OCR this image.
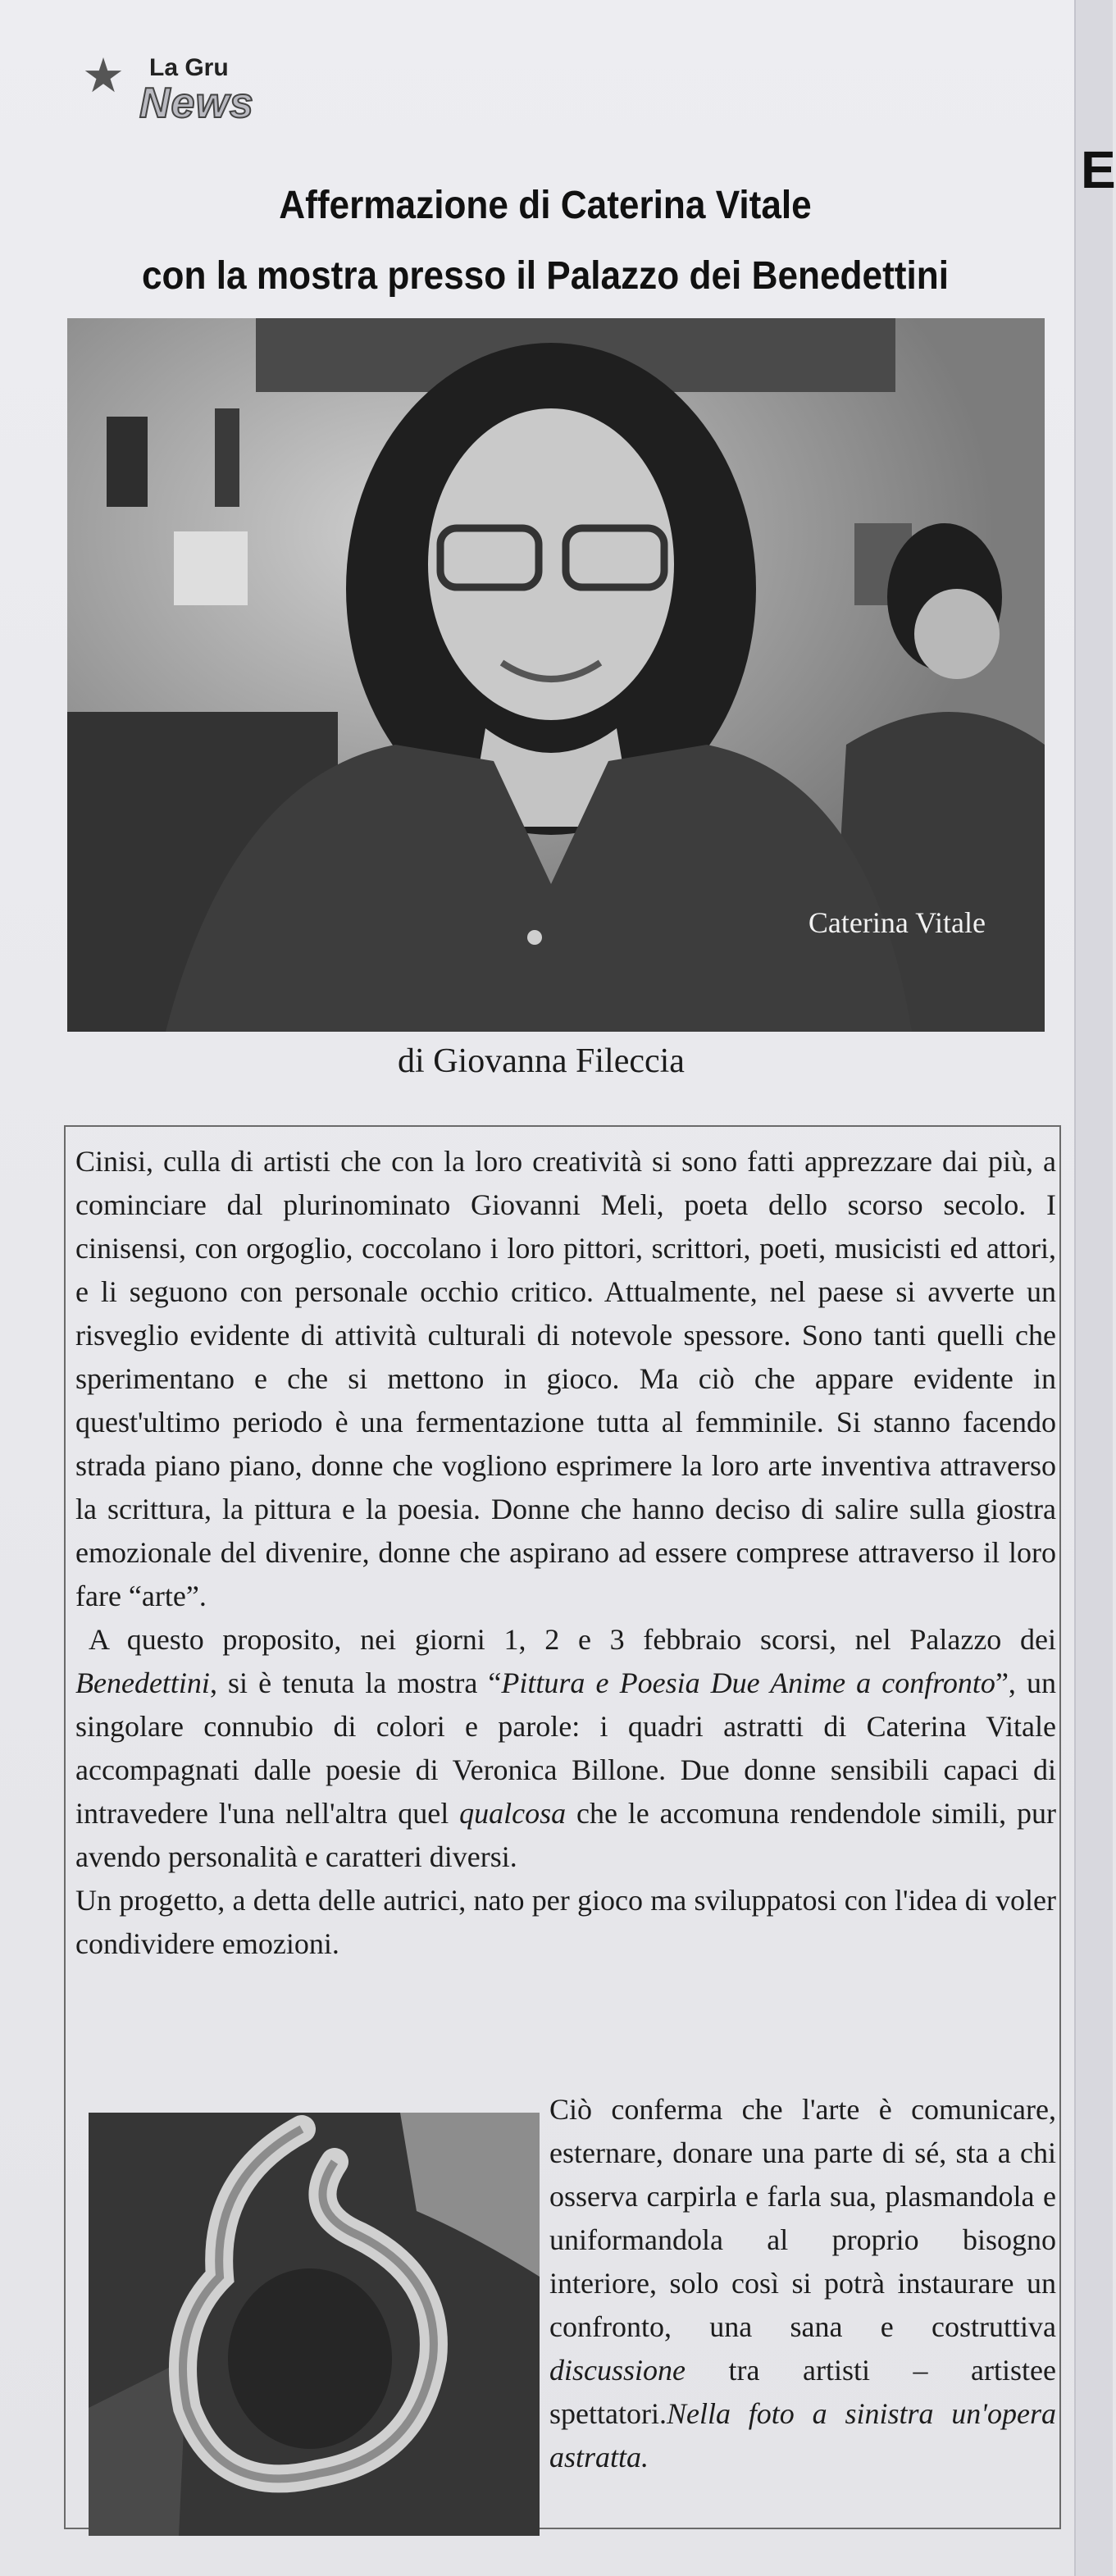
E
★ La Gru
News
Affermazione di Caterina Vitale
con la mostra presso il Palazzo dei Benedettini
Caterina Vitale
di Giovanna Fileccia

Cinisi, culla di artisti che con la loro creatività si sono fatti apprezzare dai più, a cominciare dal plurinominato Giovanni Meli, poeta dello scorso secolo. I cinisensi, con orgoglio, coccolano i loro pittori, scrittori, poeti, musicisti ed attori, e li seguono con personale occhio critico. Attualmente, nel paese si avverte un risveglio evidente di attività culturali di notevole spessore. Sono tanti quelli che sperimentano e che si mettono in gioco. Ma ciò che appare evidente in quest'ultimo periodo è una fermentazione tutta al femminile. Si stanno facendo strada piano piano, donne che vogliono esprimere la loro arte inventiva attraverso la scrittura, la pittura e la poesia. Donne che hanno deciso di salire sulla giostra emozionale del divenire, donne che aspirano ad essere comprese attraverso il loro fare “arte”.

A questo proposito, nei giorni 1, 2 e 3 febbraio scorsi, nel Palazzo dei Benedettini, si è tenuta la mostra “Pittura e Poesia Due Anime a confronto”, un singolare connubio di colori e parole: i quadri astratti di Caterina Vitale accompagnati dalle poesie di Veronica Billone. Due donne sensibili capaci di intravedere l'una nell'altra quel qualcosa che le accomuna rendendole simili, pur avendo personalità e caratteri diversi.

Un progetto, a detta delle autrici, nato per gioco ma sviluppatosi con l'idea di voler condividere emozioni.

Ciò conferma che l'arte è comunicare, esternare, donare una parte di sé, sta a chi osserva carpirla e farla sua, plasmandola e uniformandola al proprio bisogno interiore, solo così si potrà instaurare un confronto, una sana e costruttiva discussione tra artisti – artistee spettatori.Nella foto a sinistra un'opera astratta.
